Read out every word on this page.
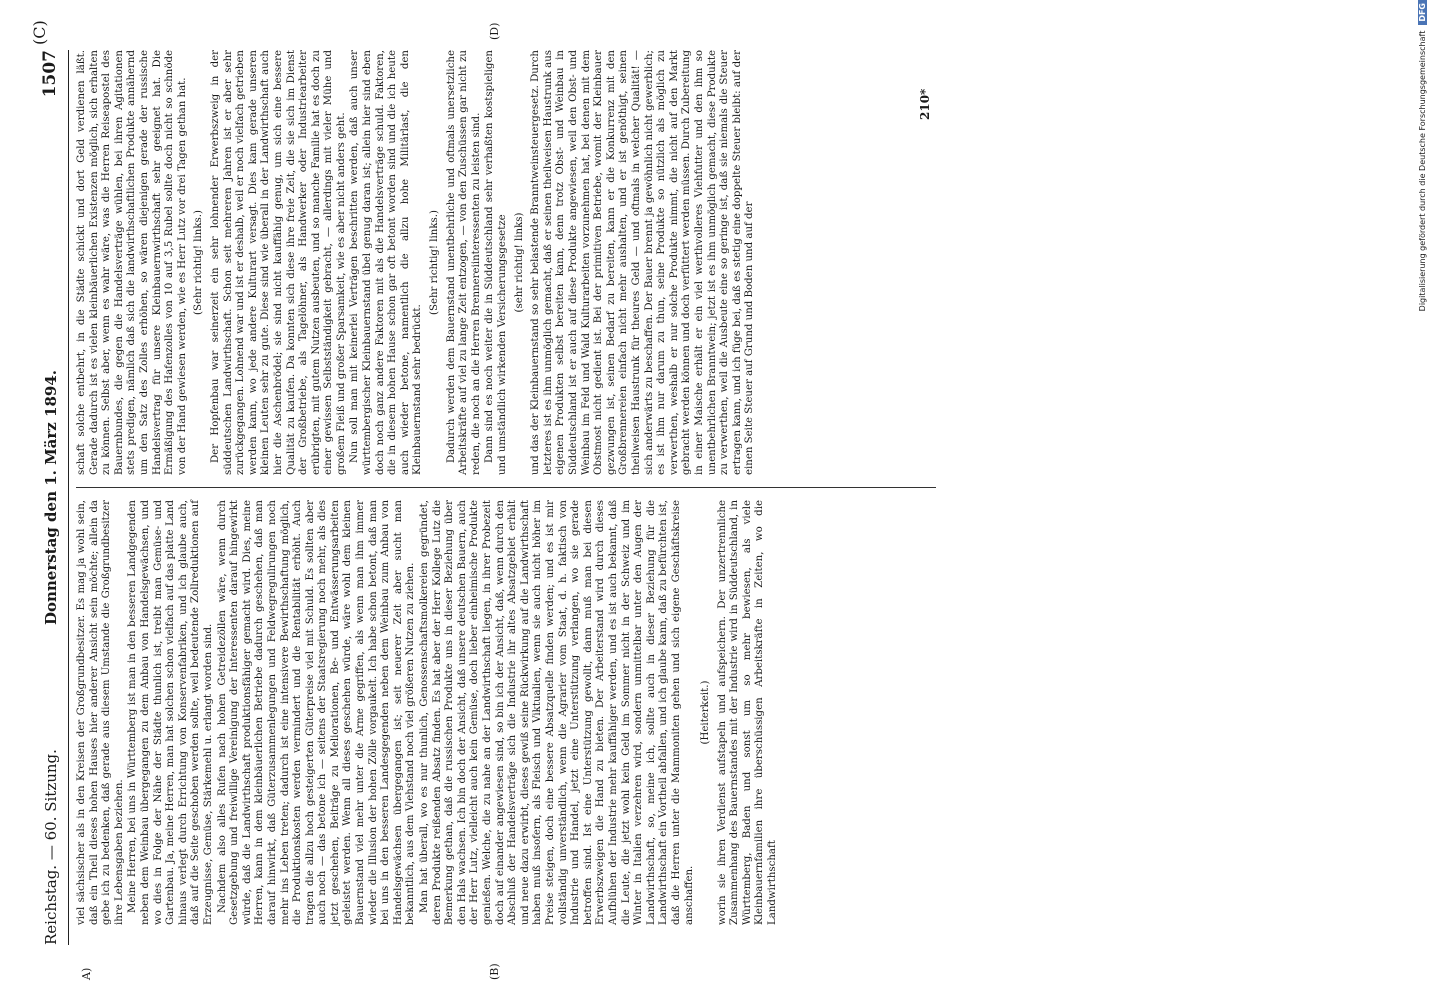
Reichstag. — 60. Sitzung.
Donnerstag den 1. März 1894.
1507
(C)
A)	(B)
(D)

viel sächsischer als in den Kreisen der Großgrundbesitzer. Es mag ja wohl sein, daß ein Theil dieses hohen Hauses hier anderer Ansicht sein möchte; allein da gebe ich zu bedenken, daß gerade aus diesem Umstande die Großgrundbesitzer ihre Lebensgaben beziehen. Meine Herren, bei uns in Württemberg ist man in den besseren Landgegenden neben dem Weinbau übergegangen zu dem Anbau von Handelsgewächsen, und wo dies in Folge der Nähe der Städte thunlich ist, treibt man Gemüse- und Gartenbau. Ja, meine Herren, man hat solchen schon vielfach auf das platte Land hinaus verlegt durch Errichtung von Konservenfabriken, und ich glaube auch, daß auf die Seite geschoben werden sollte, weil bedeutende Zollreduktionen auf Erzeugnisse, Gemüse, Stärkemehl u. erlangt worden sind. Nachdem also alles Rufen nach hohen Getreidezöllen wäre, wenn durch Gesetzgebung und freiwillige Vereinigung der Interessenten darauf hingewirkt würde, daß die Landwirthschaft produktionsfähiger gemacht wird. Dies, meine Herren, kann in dem kleinbäuerlichen Betriebe dadurch geschehen, daß man darauf hinwirkt, daß Güterzusammenlegungen und Feldwegregulirungen noch mehr ins Leben treten; dadurch ist eine intensivere Bewirthschaftung möglich, die Produktionskosten werden vermindert und die Rentabilität erhöht. Auch tragen die allzu hoch gesteigerten Güterpreise viel mit Schuld. Es sollten aber auch noch — das betone ich — seitens der Staatsregierung noch mehr, als dies jetzt geschehen, Beiträge zu Meliorationen, Be- und Entwässerungsarbeiten geleistet werden. Wenn all dieses geschehen würde, wäre wohl dem kleinen Bauernstand viel mehr unter die Arme gegriffen, als wenn man ihm immer wieder die Illusion der hohen Zölle vorgaukelt. Ich habe schon betont, daß man bei uns in den besseren Landesgegenden neben dem Weinbau zum Anbau von Handelsgewächsen übergegangen ist; seit neuerer Zeit aber sucht man bekanntlich, aus dem Viehstand noch viel größeren Nutzen zu ziehen. Man hat überall, wo es nur thunlich, Genossenschaftsmolkereien gegründet, deren Produkte reißenden Absatz finden. Es hat aber der Herr Kollege Lutz die Bemerkung gethan, daß die russischen Produkte uns in dieser Beziehung über den Hals wachsen. Ich bin doch der Ansicht, daß unsere deutschen Bauern, auch der Herr Lutz, vielleicht auch kein Gemüse, doch lieber einheimische Produkte genießen. Welche, die zu nahe an der Landwirthschaft liegen, in ihrer Probezeit doch auf einander angewiesen sind, so bin ich der Ansicht, daß, wenn durch den Abschluß der Handelsverträge sich die Industrie ihr altes Absatzgebiet erhält und neue dazu erwirbt, dieses gewiß seine Rückwirkung auf die Landwirthschaft haben muß insofern, als Fleisch und Viktualien, wenn sie auch nicht höher im Preise steigen, doch eine bessere Absatzquelle finden werden; und es ist mir vollständig unverständlich, wenn die Agrarier vom Staat, d. h. faktisch von Industrie und Handel, jetzt eine Unterstützung verlangen, wo sie gerade betroffen sind. Ist eine Unterstützung gewollt, dann muß man bei diesen Erwerbszweigen die Hand zu bieten. Der Arbeiterstand wird durch dieses Aufblühen der Industrie mehr kauffähiger werden, und es ist auch bekannt, daß die Leute, die jetzt wohl kein Geld im Sommer nicht in der Schweiz und im Winter in Italien verzehren wird, sondern unmittelbar unter den Augen der Landwirthschaft, so, meine ich, sollte auch in dieser Beziehung für die Landwirthschaft ein Vortheil abfallen, und ich glaube kann, daß zu befürchten ist, daß die Herren unter die Mammoniten gehen und sich eigene Geschäftskreise anschaffen.

(Heiterkeit.) worin sie ihren Verdienst aufstapeln und aufspeichern. Der unzertrennliche Zusammenhang des Bauernstandes mit der Industrie wird in Süddeutschland, in Württemberg, Baden und sonst um so mehr bewiesen, als viele Kleinbauernfamilien ihre überschüssigen Arbeitskräfte in Zeiten, wo die Landwirthschaft

schaft solche entbehrt, in die Städte schickt und dort Geld verdienen läßt. Gerade dadurch ist es vielen kleinbäuerlichen Existenzen möglich, sich erhalten zu können. Selbst aber, wenn es wahr wäre, was die Herren Reiseapostel des Bauernbundes, die gegen die Handelsverträge wühlen, bei ihren Agitationen stets predigen, nämlich daß sich die landwirthschaftlichen Produkte annähernd um den Satz des Zolles erhöhen, so wären diejenigen gerade der russische Handelsvertrag für unsere Kleinbauernwirthschaft sehr geeignet hat. Die Ermäßigung des Hafenzolles von 10 auf 3,5 Rubel sollte doch nicht so schnöde von der Hand gewiesen werden, wie es Herr Lutz vor drei Tagen gethan hat. (Sehr richtig! links.) Der Hopfenbau war seinerzeit ein sehr lohnender Erwerbszweig in der süddeutschen Landwirthschaft. Schon seit mehreren Jahren ist er aber sehr zurückgegangen. Lohnend war und ist er deshalb, weil er noch vielfach getrieben werden kann, wo jede andere Kulturart versagt. Dies kam gerade unseren kleinen Leuten sehr zu gute. Diese sind wie überall in der Landwirthschaft auch hier die Aschenbrödel; sie sind nicht kauffähig genug, um sich eine bessere Qualität zu kaufen. Da konnten sich diese ihre freie Zeit, die sie sich im Dienst der Großbetriebe, als Tagelöhner, als Handwerker oder Industriearbeiter erübrigten, mit gutem Nutzen ausbeuten, und so manche Familie hat es doch zu einer gewissen Selbstständigkeit gebracht, — allerdings mit vieler Mühe und großem Fleiß und großer Sparsamkeit, wie es aber nicht anders geht. Nun soll man mit keinerlei Verträgen beschritten werden, daß auch unser württembergischer Kleinbauernstand übel genug daran ist; allein hier sind eben doch noch ganz andere Faktoren mit als die Handelsverträge schuld. Faktoren, die in diesem hohen Hause schon gar oft betont worden sind und die ich heute auch wieder betone, namentlich die allzu hohe Militärlast, die den Kleinbauernstand sehr bedrückt.

(Sehr richtig! links.) Dadurch werden dem Bauernstand unentbehrliche und oftmals unersetzliche Arbeitskräfte auf viel zu lange Zeit entzogen, — von den Zuschüssen gar nicht zu reden, die noch an die Herren Brennereiinteressenten zu leisten sind. Dann sind es noch weiter die in Süddeutschland sehr verhaßten kostspieligen und umständlich wirkenden Versicherungsgesetze (sehr richtig! links) und das der Kleinbauernstand so sehr belastende Branntweinsteuergesetz. Durch letzteres ist es ihm unmöglich gemacht, daß er seinen theilweisen Haustrunk aus eigenen Produkten selbst bereiten kann, denn trotz Obst- und Weinbau in Süddeutschland ist er auch auf diese Produkte angewiesen, weil den Obst- und Weinbau im Feld und Wald Kulturarbeiten vorzunehmen hat, bei denen mit dem Obstmost nicht gedient ist. Bei der primitiven Betriebe, womit der Kleinbauer gezwungen ist, seinen Bedarf zu bereiten, kann er die Konkurrenz mit den Großbrennereien einfach nicht mehr aushalten, und er ist genöthigt, seinen theilweisen Haustrunk für theures Geld — und oftmals in welcher Qualität! — sich anderwärts zu beschaffen. Der Bauer brennt ja gewöhnlich nicht gewerblich; es ist ihm nur darum zu thun, seine Produkte so nützlich als möglich zu verwerthen, weshalb er nur solche Produkte nimmt, die nicht auf den Markt gebracht werden können und doch verfüttert werden müssen. Durch Zubereitung in einer Maische erhält er ein viel werthvolleres Viehfutter und den ihm so unentbehrlichen Branntwein; jetzt ist es ihm unmöglich gemacht, diese Produkte zu verwerthen, weil die Ausbeute eine so geringe ist, daß sie niemals die Steuer ertragen kann, und ich füge bei, daß es stetig eine doppelte Steuer bleibt: auf der einen Seite Steuer auf Grund und Boden und auf der

210*	Digitalisierung gefördert durch die Deutsche ForschungsgemeinschaftDFG
